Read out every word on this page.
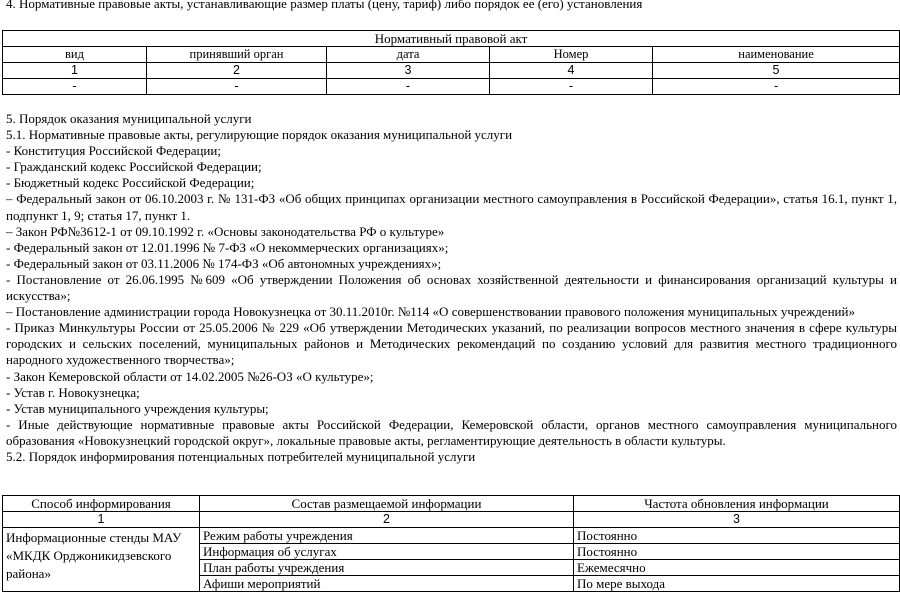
4. Нормативные правовые акты, устанавливающие размер платы (цену, тариф) либо порядок ее (его) установления
Нормативный правовой акт				
вид	принявший орган	дата	Номер	наименование
1	2	3	4	5
-	-	-	-	-

5. Порядок оказания муниципальной услуги

5.1. Нормативные правовые акты, регулирующие порядок оказания муниципальной услуги

- Конституция Российской Федерации;

- Гражданский кодекс Российской Федерации;

- Бюджетный кодекс Российской Федерации;

– Федеральный закон от 06.10.2003 г. № 131-ФЗ «Об общих принципах организации местного самоуправления в Российской Федерации», статья 16.1, пункт 1, подпункт 1, 9; статья 17, пункт 1.

– Закон РФ№3612-1 от 09.10.1992 г. «Основы законодательства РФ о культуре»

- Федеральный закон от 12.01.1996 № 7-ФЗ «О некоммерческих организациях»;

- Федеральный закон от 03.11.2006 № 174-ФЗ «Об автономных учреждениях»;

- Постановление от 26.06.1995 №609 «Об утверждении Положения об основах хозяйственной деятельности и финансирования организаций культуры и искусства»;

– Постановление администрации города Новокузнецка от 30.11.2010г. №114 «О совершенствовании правового положения муниципальных учреждений»

- Приказ Минкультуры России от 25.05.2006 № 229 «Об утверждении Методических указаний, по реализации вопросов местного значения в сфере культуры городских и сельских поселений, муниципальных районов и Методических рекомендаций по созданию условий для развития местного традиционного народного художественного творчества»;

- Закон Кемеровской области от 14.02.2005 №26-ОЗ «О культуре»;

- Устав г. Новокузнецка;

- Устав муниципального учреждения культуры;

- Иные действующие нормативные правовые акты Российской Федерации, Кемеровской области, органов местного самоуправления муниципального образования «Новокузнецкий городской округ», локальные правовые акты, регламентирующие деятельность в области культуры.

5.2. Порядок информирования потенциальных потребителей муниципальной услуги

Способ информирования	Состав размещаемой информации	Частота обновления информации
1	2	3
Информационные стенды МАУ «МКДК Орджоникидзевского района»	Режим работы учреждения	Постоянно
	Информация об услугах	Постоянно
	План работы учреждения	Ежемесячно
	Афиши мероприятий	По мере выхода
